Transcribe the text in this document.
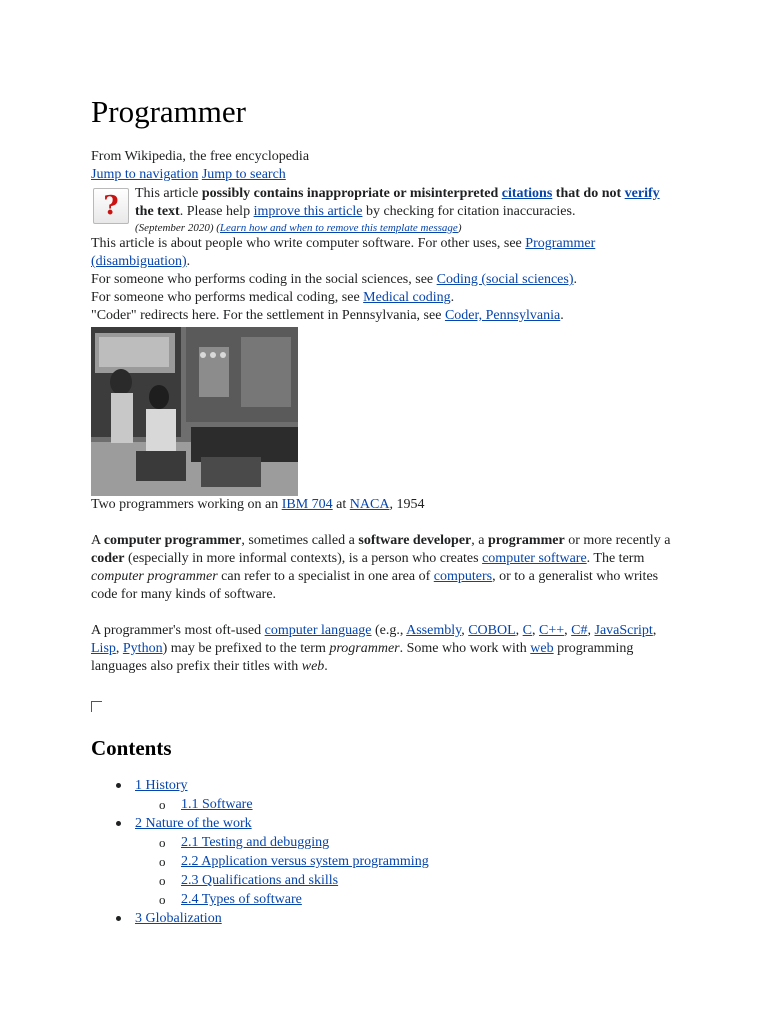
Programmer
From Wikipedia, the free encyclopedia
Jump to navigation Jump to search
? This article possibly contains inappropriate or misinterpreted citations that do not verify the text. Please help improve this article by checking for citation inaccuracies.
(September 2020) (Learn how and when to remove this template message)
This article is about people who write computer software. For other uses, see Programmer (disambiguation).
For someone who performs coding in the social sciences, see Coding (social sciences).
For someone who performs medical coding, see Medical coding.
"Coder" redirects here. For the settlement in Pennsylvania, see Coder, Pennsylvania.
Two programmers working on an IBM 704 at NACA, 1954

A computer programmer, sometimes called a software developer, a programmer or more recently a coder (especially in more informal contexts), is a person who creates computer software. The term computer programmer can refer to a specialist in one area of computers, or to a generalist who writes code for many kinds of software.

A programmer's most oft-used computer language (e.g., Assembly, COBOL, C, C++, C#, JavaScript, Lisp, Python) may be prefixed to the term programmer. Some who work with web programming languages also prefix their titles with web.

Contents
1 History
o 1.1 Software
2 Nature of the work
o 2.1 Testing and debugging
o 2.2 Application versus system programming
o 2.3 Qualifications and skills
o 2.4 Types of software
3 Globalization
